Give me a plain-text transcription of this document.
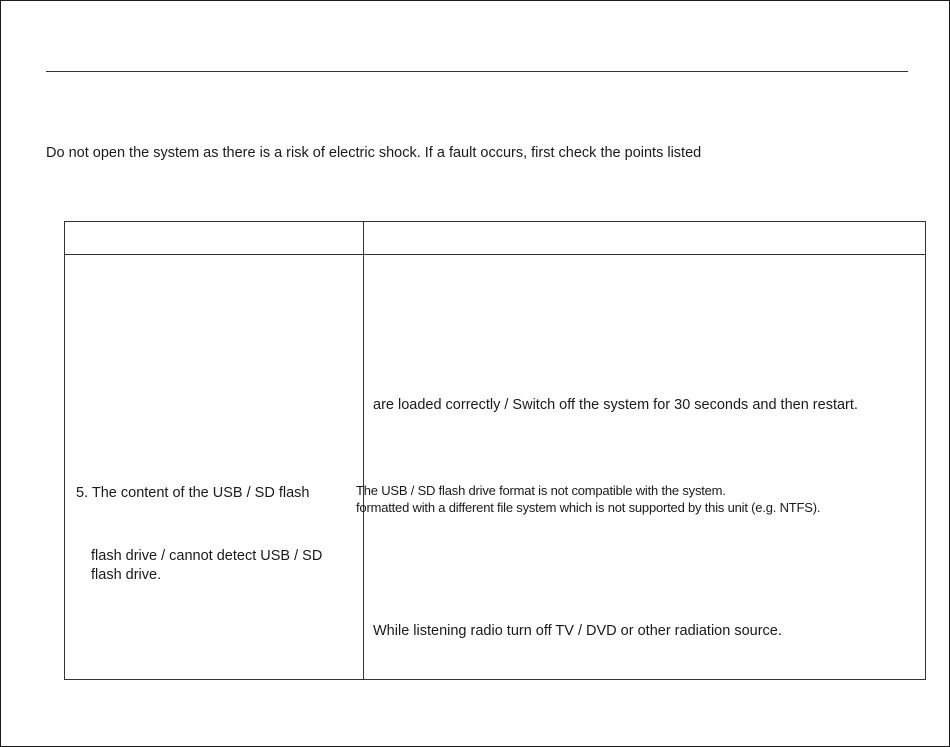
Do not open the system as there is a risk of electric shock. If a fault occurs, first check the points listed
are loaded correctly / Switch off the system for 30 seconds and then restart.
5. The content of the USB / SD flash	The USB / SD flash drive format is not compatible with the system.
formatted with a different file system which is not supported by this unit (e.g. NTFS).
flash drive / cannot detect USB / SD
flash drive.
While listening radio turn off TV / DVD or other radiation source.
